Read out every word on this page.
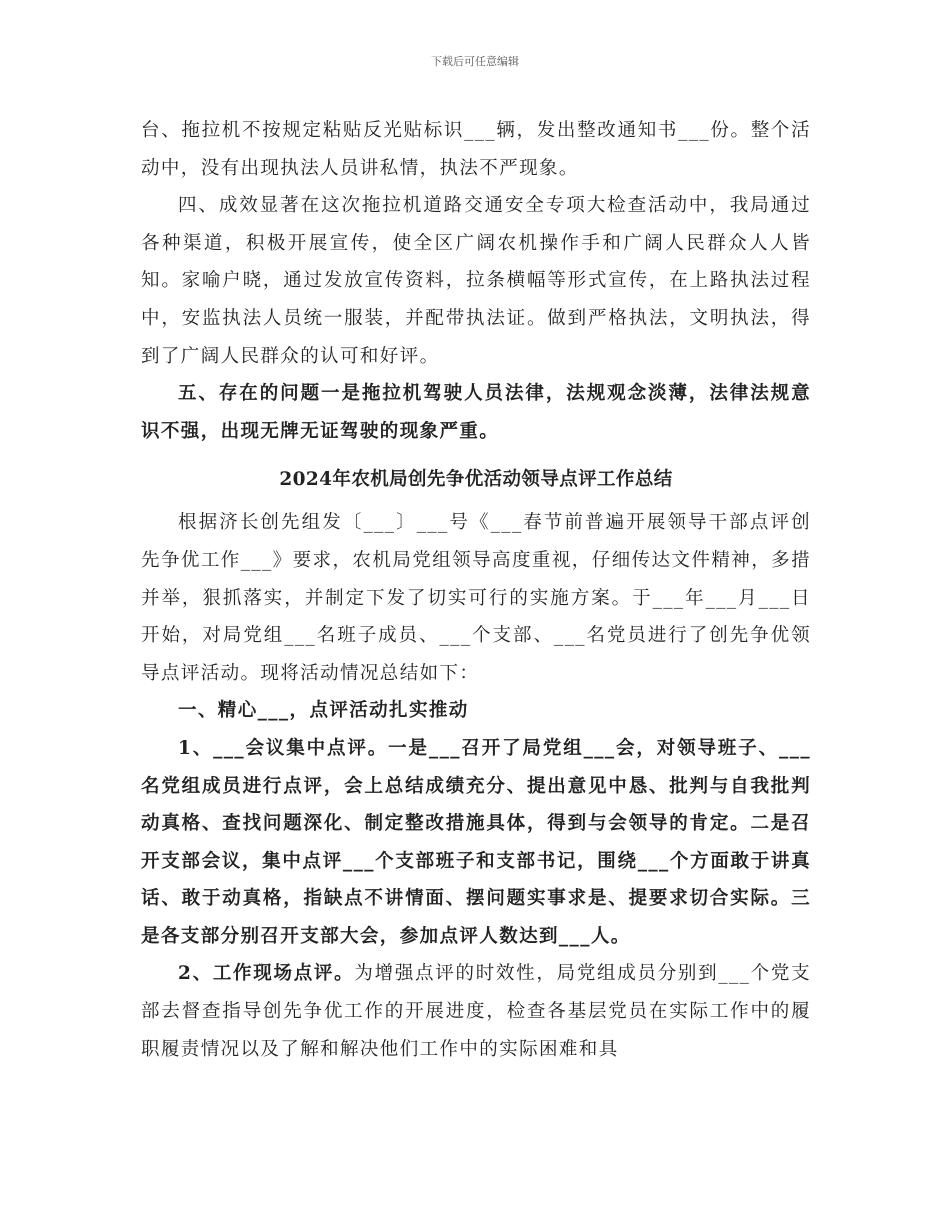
下载后可任意编辑

台、拖拉机不按规定粘贴反光贴标识___辆，发出整改通知书___份。整个活动中，没有出现执法人员讲私情，执法不严现象。

四、成效显著在这次拖拉机道路交通安全专项大检查活动中，我局通过各种渠道，积极开展宣传，使全区广阔农机操作手和广阔人民群众人人皆知。家喻户晓，通过发放宣传资料，拉条横幅等形式宣传，在上路执法过程中，安监执法人员统一服装，并配带执法证。做到严格执法，文明执法，得到了广阔人民群众的认可和好评。

五、存在的问题一是拖拉机驾驶人员法律，法规观念淡薄，法律法规意识不强，出现无牌无证驾驶的现象严重。

2024年农机局创先争优活动领导点评工作总结

根据济长创先组发〔___〕___号《___春节前普遍开展领导干部点评创先争优工作___》要求，农机局党组领导高度重视，仔细传达文件精神，多措并举，狠抓落实，并制定下发了切实可行的实施方案。于___年___月___日开始，对局党组___名班子成员、___个支部、___名党员进行了创先争优领导点评活动。现将活动情况总结如下：

一、精心___，点评活动扎实推动

1、___会议集中点评。一是___召开了局党组___会，对领导班子、___名党组成员进行点评，会上总结成绩充分、提出意见中恳、批判与自我批判动真格、查找问题深化、制定整改措施具体，得到与会领导的肯定。二是召开支部会议，集中点评___个支部班子和支部书记，围绕___个方面敢于讲真话、敢于动真格，指缺点不讲情面、摆问题实事求是、提要求切合实际。三是各支部分别召开支部大会，参加点评人数达到___人。

2、工作现场点评。为增强点评的时效性，局党组成员分别到___个党支部去督查指导创先争优工作的开展进度，检查各基层党员在实际工作中的履职履责情况以及了解和解决他们工作中的实际困难和具
